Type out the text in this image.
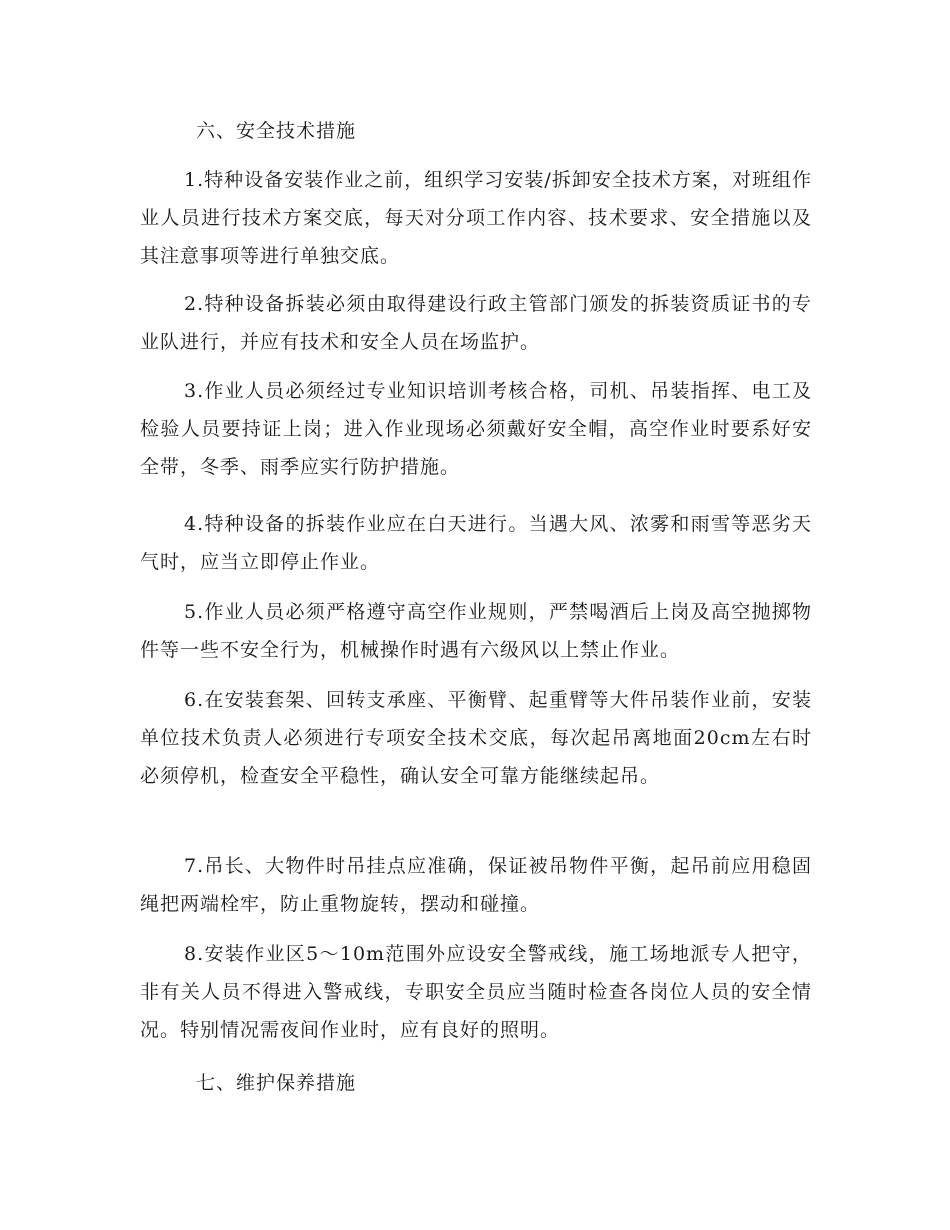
六、安全技术措施

1.特种设备安装作业之前，组织学习安装/拆卸安全技术方案，对班组作业人员进行技术方案交底，每天对分项工作内容、技术要求、安全措施以及其注意事项等进行单独交底。

2.特种设备拆装必须由取得建设行政主管部门颁发的拆装资质证书的专业队进行，并应有技术和安全人员在场监护。

3.作业人员必须经过专业知识培训考核合格，司机、吊装指挥、电工及检验人员要持证上岗；进入作业现场必须戴好安全帽，高空作业时要系好安全带，冬季、雨季应实行防护措施。

4.特种设备的拆装作业应在白天进行。当遇大风、浓雾和雨雪等恶劣天气时，应当立即停止作业。

5.作业人员必须严格遵守高空作业规则，严禁喝酒后上岗及高空抛掷物件等一些不安全行为，机械操作时遇有六级风以上禁止作业。

6.在安装套架、回转支承座、平衡臂、起重臂等大件吊装作业前，安装单位技术负责人必须进行专项安全技术交底，每次起吊离地面20cm左右时必须停机，检查安全平稳性，确认安全可靠方能继续起吊。

7.吊长、大物件时吊挂点应准确，保证被吊物件平衡，起吊前应用稳固绳把两端栓牢，防止重物旋转，摆动和碰撞。

8.安装作业区5～10m范围外应设安全警戒线，施工场地派专人把守，非有关人员不得进入警戒线，专职安全员应当随时检查各岗位人员的安全情况。特别情况需夜间作业时，应有良好的照明。

七、维护保养措施
